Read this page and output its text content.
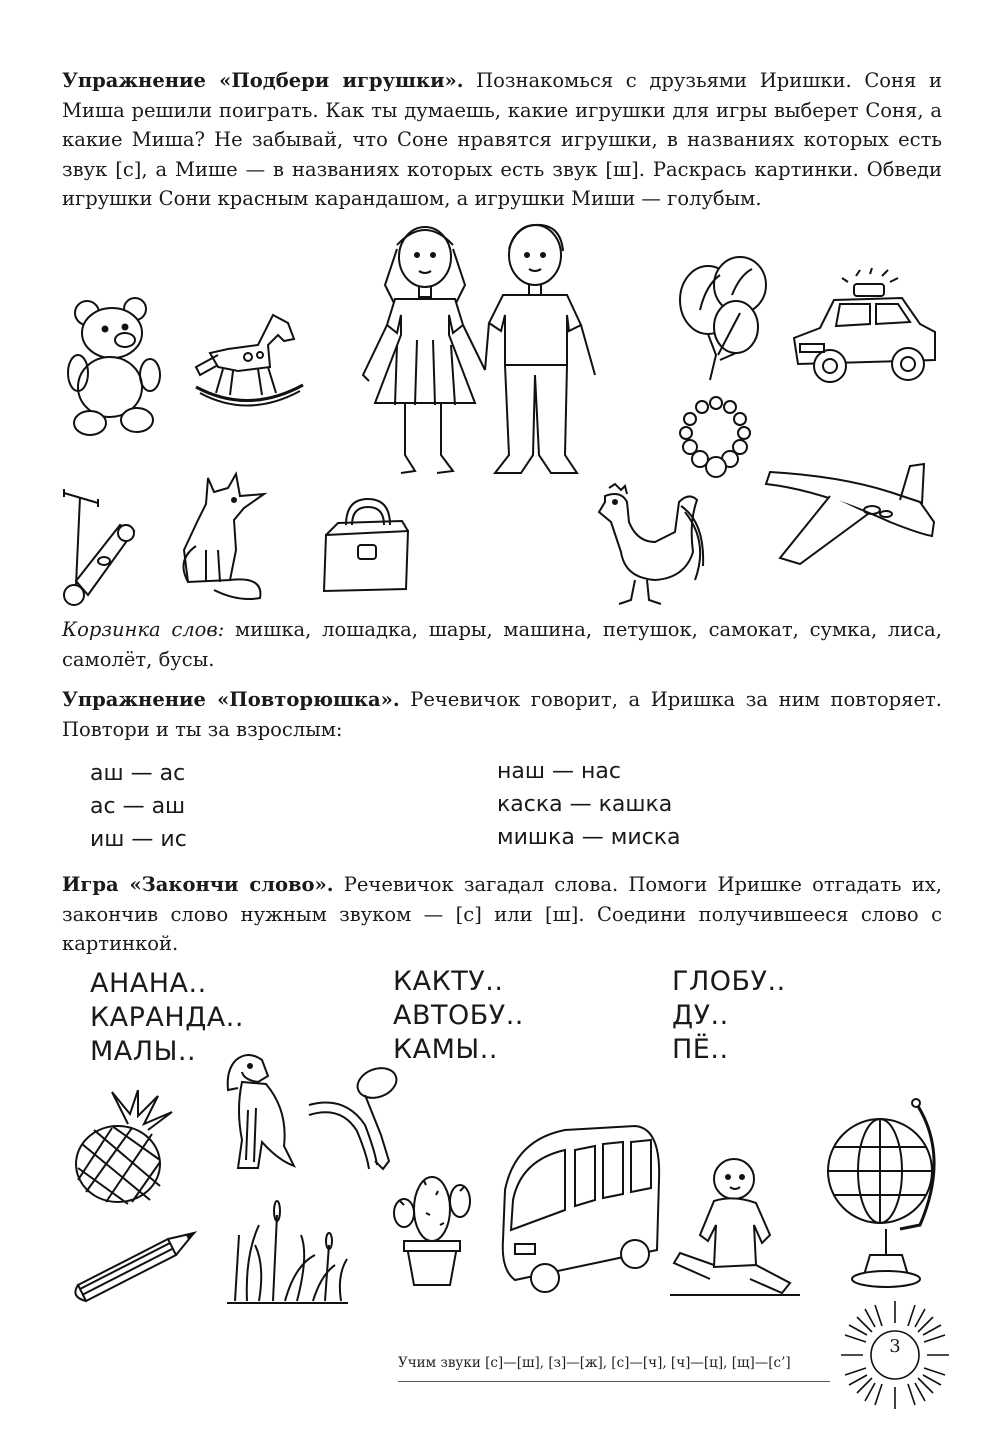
Упражнение «Подбери игрушки». Познакомься с друзьями Иришки. Соня и Миша решили поиграть. Как ты думаешь, какие игрушки для игры выберет Соня, а какие Миша? Не забывай, что Соне нравятся игрушки, в названиях которых есть звук [с], а Мише — в названиях которых есть звук [ш]. Раскрась картинки. Обведи игрушки Сони красным карандашом, а игрушки Миши — голубым.

Корзинка слов: мишка, лошадка, шары, машина, петушок, самокат, сумка, лиса, самолёт, бусы.

Упражнение «Повторюшка». Речевичок говорит, а Иришка за ним повторяет. Повтори и ты за взрослым:

аш — ас
ас — аш
иш — ис
наш — нас
каска — кашка
мишка — миска

Игра «Закончи слово». Речевичок загадал слова. Помоги Иришке отгадать их, закончив слово нужным звуком — [с] или [ш]. Соедини получившееся слово с картинкой.

АНАНА..
КАРАНДА..
МАЛЫ..
КАКТУ..
АВТОБУ..
КАМЫ..
ГЛОБУ..
ДУ..
ПЁ..
Учим звуки [с]—[ш], [з]—[ж], [с]—[ч], [ч]—[ц], [щ]—[с’]
3
